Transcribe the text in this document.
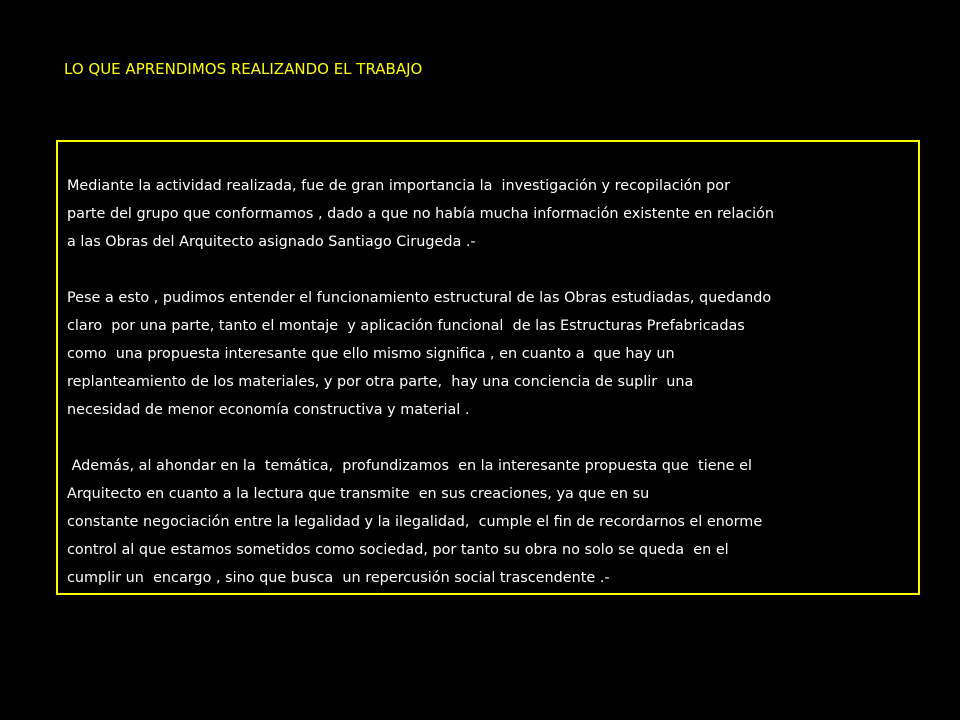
LO QUE APRENDIMOS REALIZANDO EL TRABAJO

Mediante la actividad realizada, fue de gran importancia la  investigación y recopilación por
parte del grupo que conformamos , dado a que no había mucha información existente en relación
a las Obras del Arquitecto asignado Santiago Cirugeda .-

Pese a esto , pudimos entender el funcionamiento estructural de las Obras estudiadas, quedando
claro  por una parte, tanto el montaje  y aplicación funcional  de las Estructuras Prefabricadas
como  una propuesta interesante que ello mismo significa , en cuanto a  que hay un
replanteamiento de los materiales, y por otra parte,  hay una conciencia de suplir  una
necesidad de menor economía constructiva y material .

Además, al ahondar en la  temática,  profundizamos  en la interesante propuesta que  tiene el
Arquitecto en cuanto a la lectura que transmite  en sus creaciones, ya que en su
constante negociación entre la legalidad y la ilegalidad,  cumple el fin de recordarnos el enorme
control al que estamos sometidos como sociedad, por tanto su obra no solo se queda  en el
cumplir un  encargo , sino que busca  un repercusión social trascendente .-
